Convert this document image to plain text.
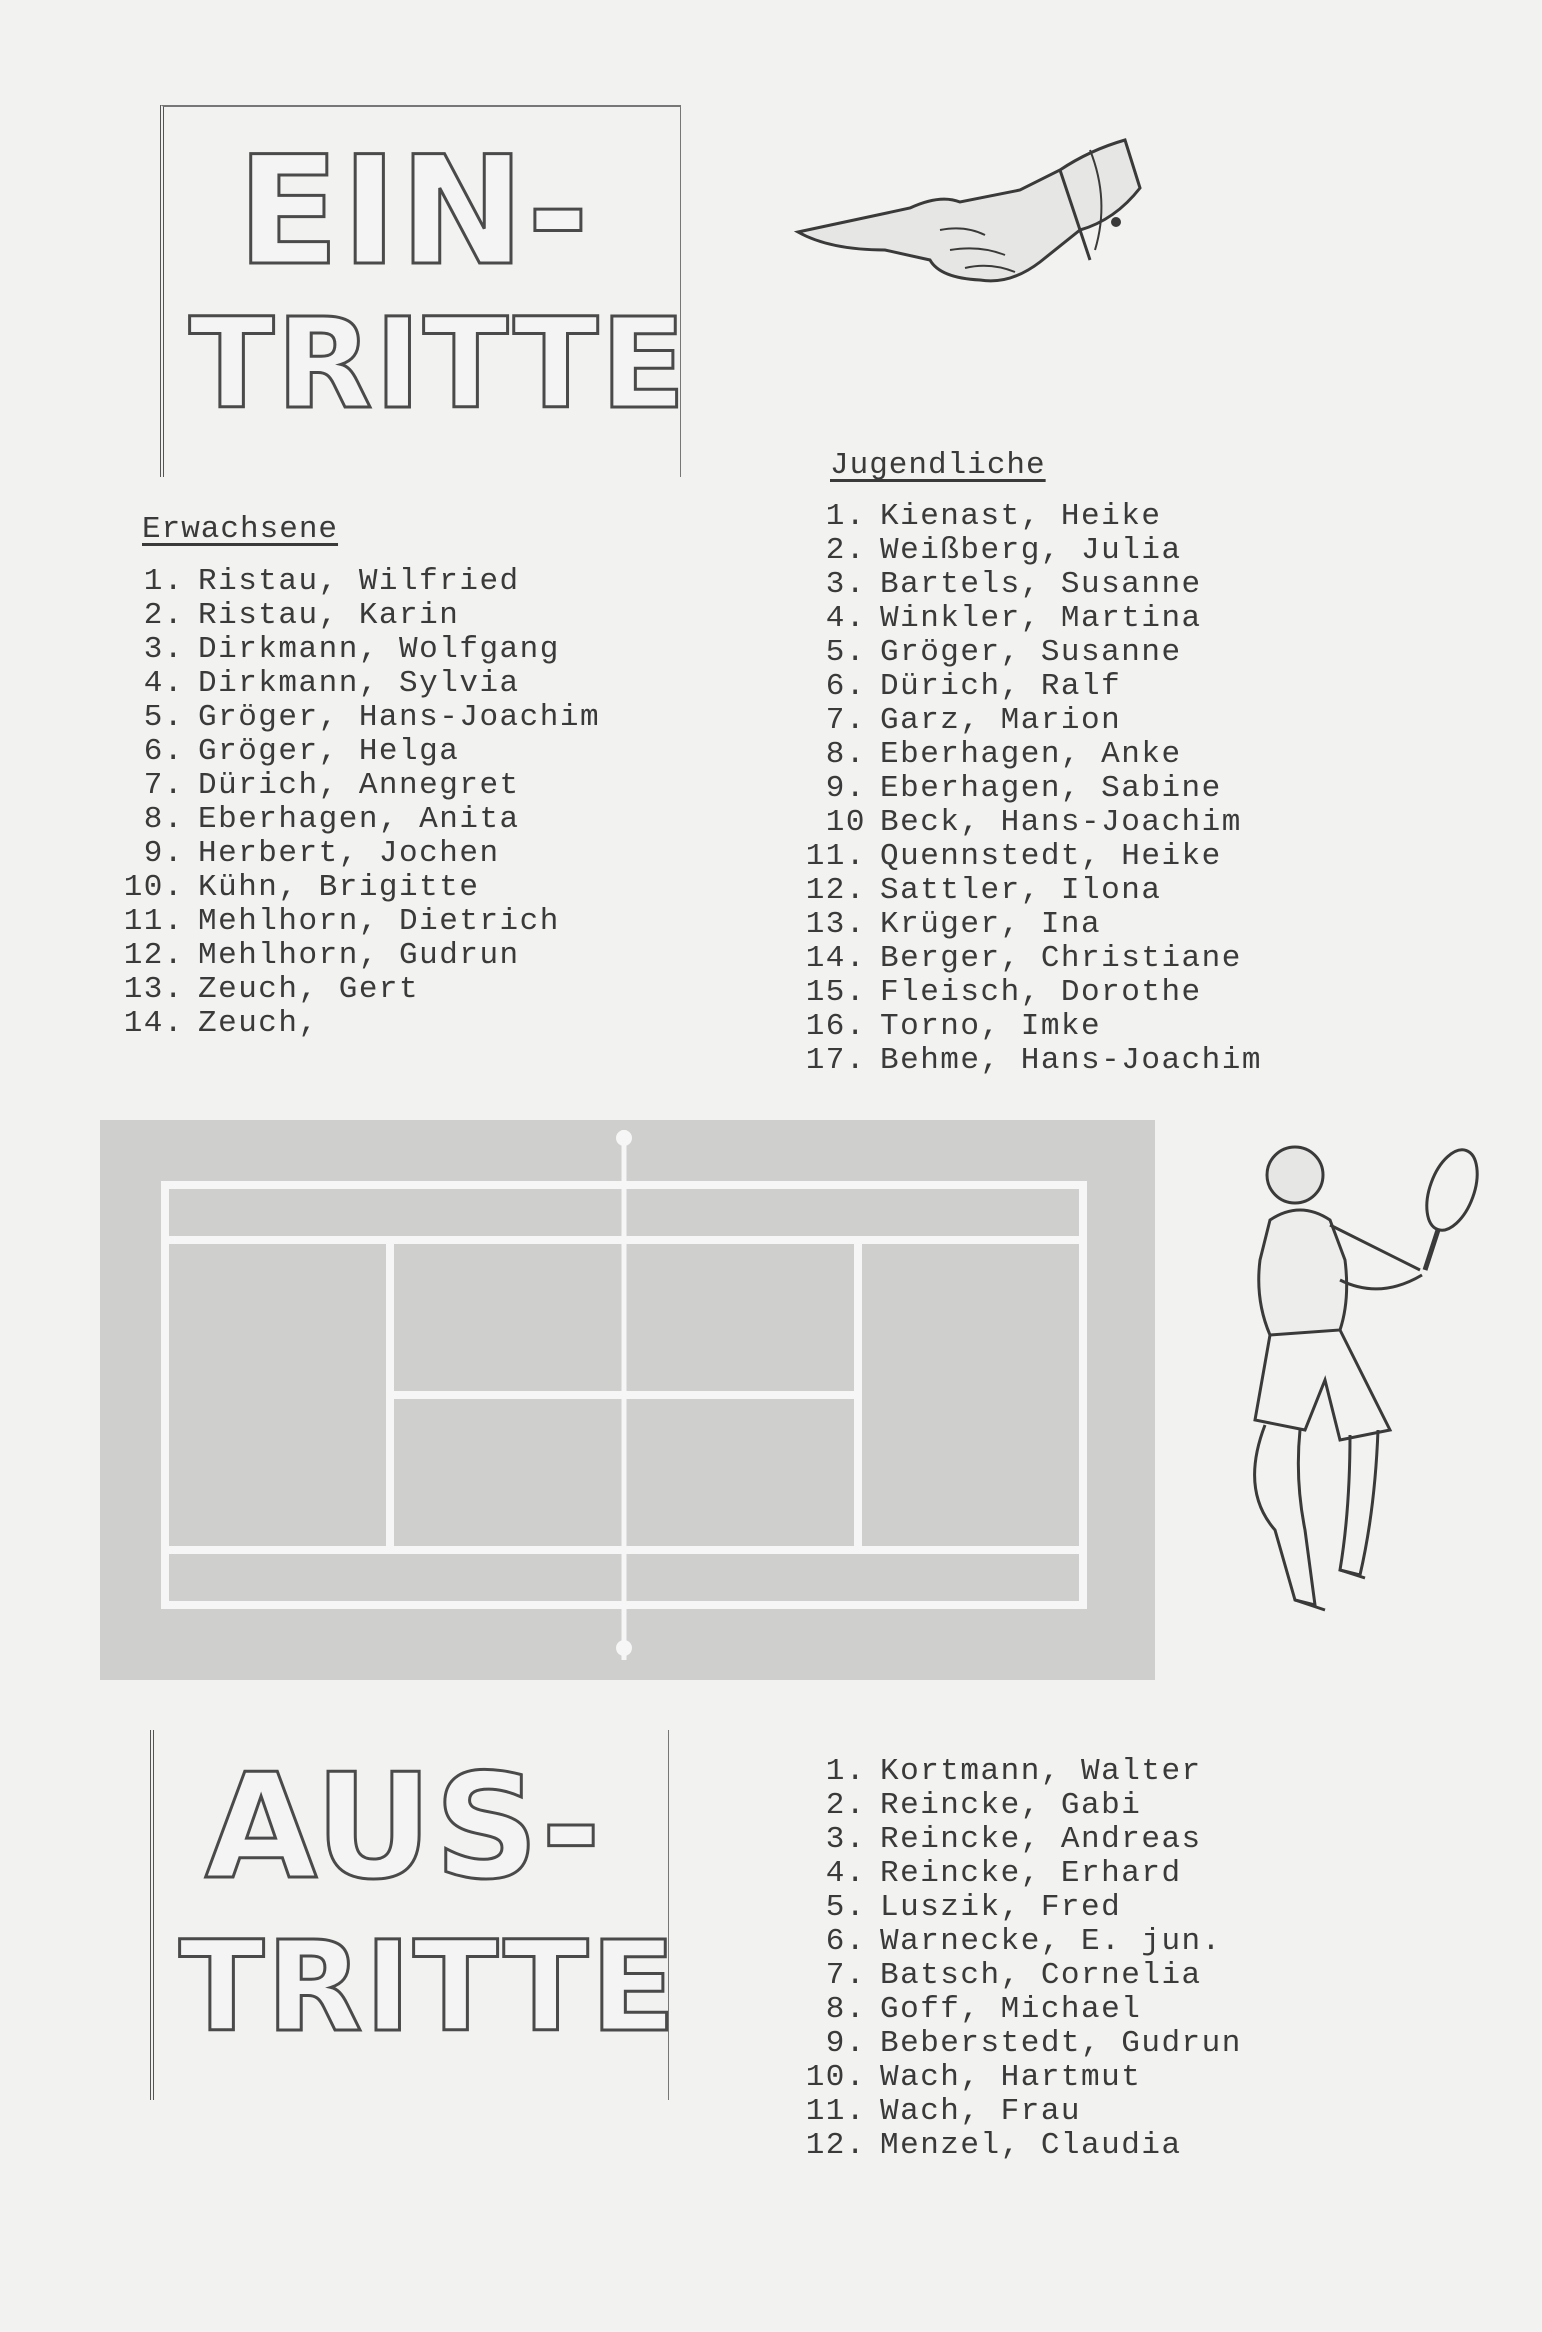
EIN-
TRITTE
Erwachsene
1. Ristau, Wilfried
2. Ristau, Karin
3. Dirkmann, Wolfgang
4. Dirkmann, Sylvia
5. Gröger, Hans-Joachim
6. Gröger, Helga
7. Dürich, Annegret
8. Eberhagen, Anita
9. Herbert, Jochen
10. Kühn, Brigitte
11. Mehlhorn, Dietrich
12. Mehlhorn, Gudrun
13. Zeuch, Gert
14. Zeuch,
Jugendliche
1. Kienast, Heike
2. Weißberg, Julia
3. Bartels, Susanne
4. Winkler, Martina
5. Gröger, Susanne
6. Dürich, Ralf
7. Garz, Marion
8. Eberhagen, Anke
9. Eberhagen, Sabine
10 Beck, Hans-Joachim
11. Quennstedt, Heike
12. Sattler, Ilona
13. Krüger, Ina
14. Berger, Christiane
15. Fleisch, Dorothe
16. Torno, Imke
17. Behme, Hans-Joachim
AUS-
TRITTE
1. Kortmann, Walter
2. Reincke, Gabi
3. Reincke, Andreas
4. Reincke, Erhard
5. Luszik, Fred
6. Warnecke, E. jun.
7. Batsch, Cornelia
8. Goff, Michael
9. Beberstedt, Gudrun
10. Wach, Hartmut
11. Wach, Frau
12. Menzel, Claudia
